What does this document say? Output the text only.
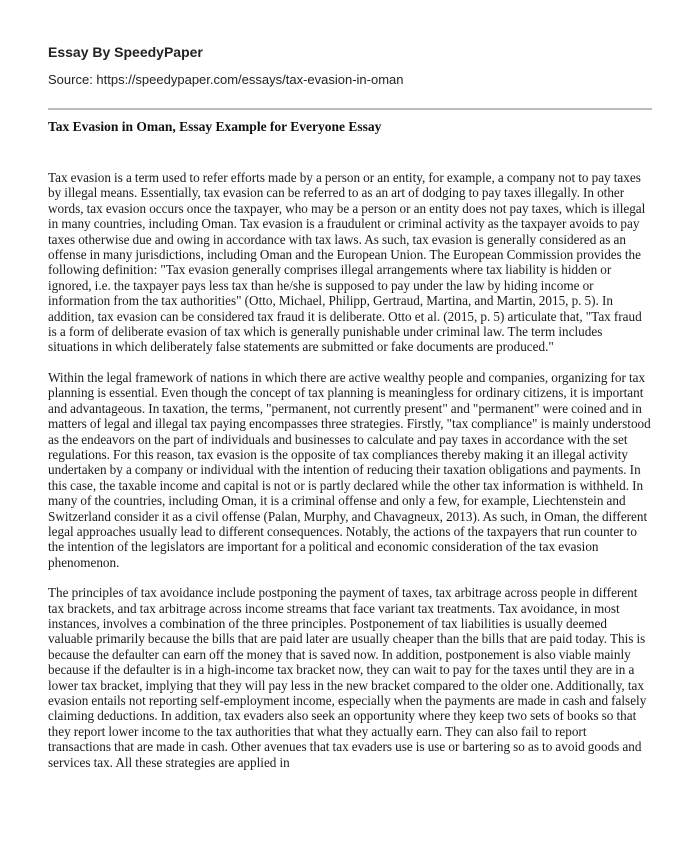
Essay By SpeedyPaper
Source: https://speedypaper.com/essays/tax-evasion-in-oman
Tax Evasion in Oman, Essay Example for Everyone Essay

Tax evasion is a term used to refer efforts made by a person or an entity, for example, a company not to pay taxes by illegal means. Essentially, tax evasion can be referred to as an art of dodging to pay taxes illegally. In other words, tax evasion occurs once the taxpayer, who may be a person or an entity does not pay taxes, which is illegal in many countries, including Oman. Tax evasion is a fraudulent or criminal activity as the taxpayer avoids to pay taxes otherwise due and owing in accordance with tax laws. As such, tax evasion is generally considered as an offense in many jurisdictions, including Oman and the European Union. The European Commission provides the following definition: "Tax evasion generally comprises illegal arrangements where tax liability is hidden or ignored, i.e. the taxpayer pays less tax than he/she is supposed to pay under the law by hiding income or information from the tax authorities" (Otto, Michael, Philipp, Gertraud, Martina, and Martin, 2015, p. 5). In addition, tax evasion can be considered tax fraud it is deliberate. Otto et al. (2015, p. 5) articulate that, "Tax fraud is a form of deliberate evasion of tax which is generally punishable under criminal law. The term includes situations in which deliberately false statements are submitted or fake documents are produced."

Within the legal framework of nations in which there are active wealthy people and companies, organizing for tax planning is essential. Even though the concept of tax planning is meaningless for ordinary citizens, it is important and advantageous. In taxation, the terms, "permanent, not currently present" and "permanent" were coined and in matters of legal and illegal tax paying encompasses three strategies. Firstly, "tax compliance" is mainly understood as the endeavors on the part of individuals and businesses to calculate and pay taxes in accordance with the set regulations. For this reason, tax evasion is the opposite of tax compliances thereby making it an illegal activity undertaken by a company or individual with the intention of reducing their taxation obligations and payments. In this case, the taxable income and capital is not or is partly declared while the other tax information is withheld. In many of the countries, including Oman, it is a criminal offense and only a few, for example, Liechtenstein and Switzerland consider it as a civil offense (Palan, Murphy, and Chavagneux, 2013). As such, in Oman, the different legal approaches usually lead to different consequences. Notably, the actions of the taxpayers that run counter to the intention of the legislators are important for a political and economic consideration of the tax evasion phenomenon.

The principles of tax avoidance include postponing the payment of taxes, tax arbitrage across people in different tax brackets, and tax arbitrage across income streams that face variant tax treatments. Tax avoidance, in most instances, involves a combination of the three principles. Postponement of tax liabilities is usually deemed valuable primarily because the bills that are paid later are usually cheaper than the bills that are paid today. This is because the defaulter can earn off the money that is saved now. In addition, postponement is also viable mainly because if the defaulter is in a high-income tax bracket now, they can wait to pay for the taxes until they are in a lower tax bracket, implying that they will pay less in the new bracket compared to the older one. Additionally, tax evasion entails not reporting self-employment income, especially when the payments are made in cash and falsely claiming deductions. In addition, tax evaders also seek an opportunity where they keep two sets of books so that they report lower income to the tax authorities that what they actually earn. They can also fail to report transactions that are made in cash. Other avenues that tax evaders use is use or bartering so as to avoid goods and services tax. All these strategies are applied in
